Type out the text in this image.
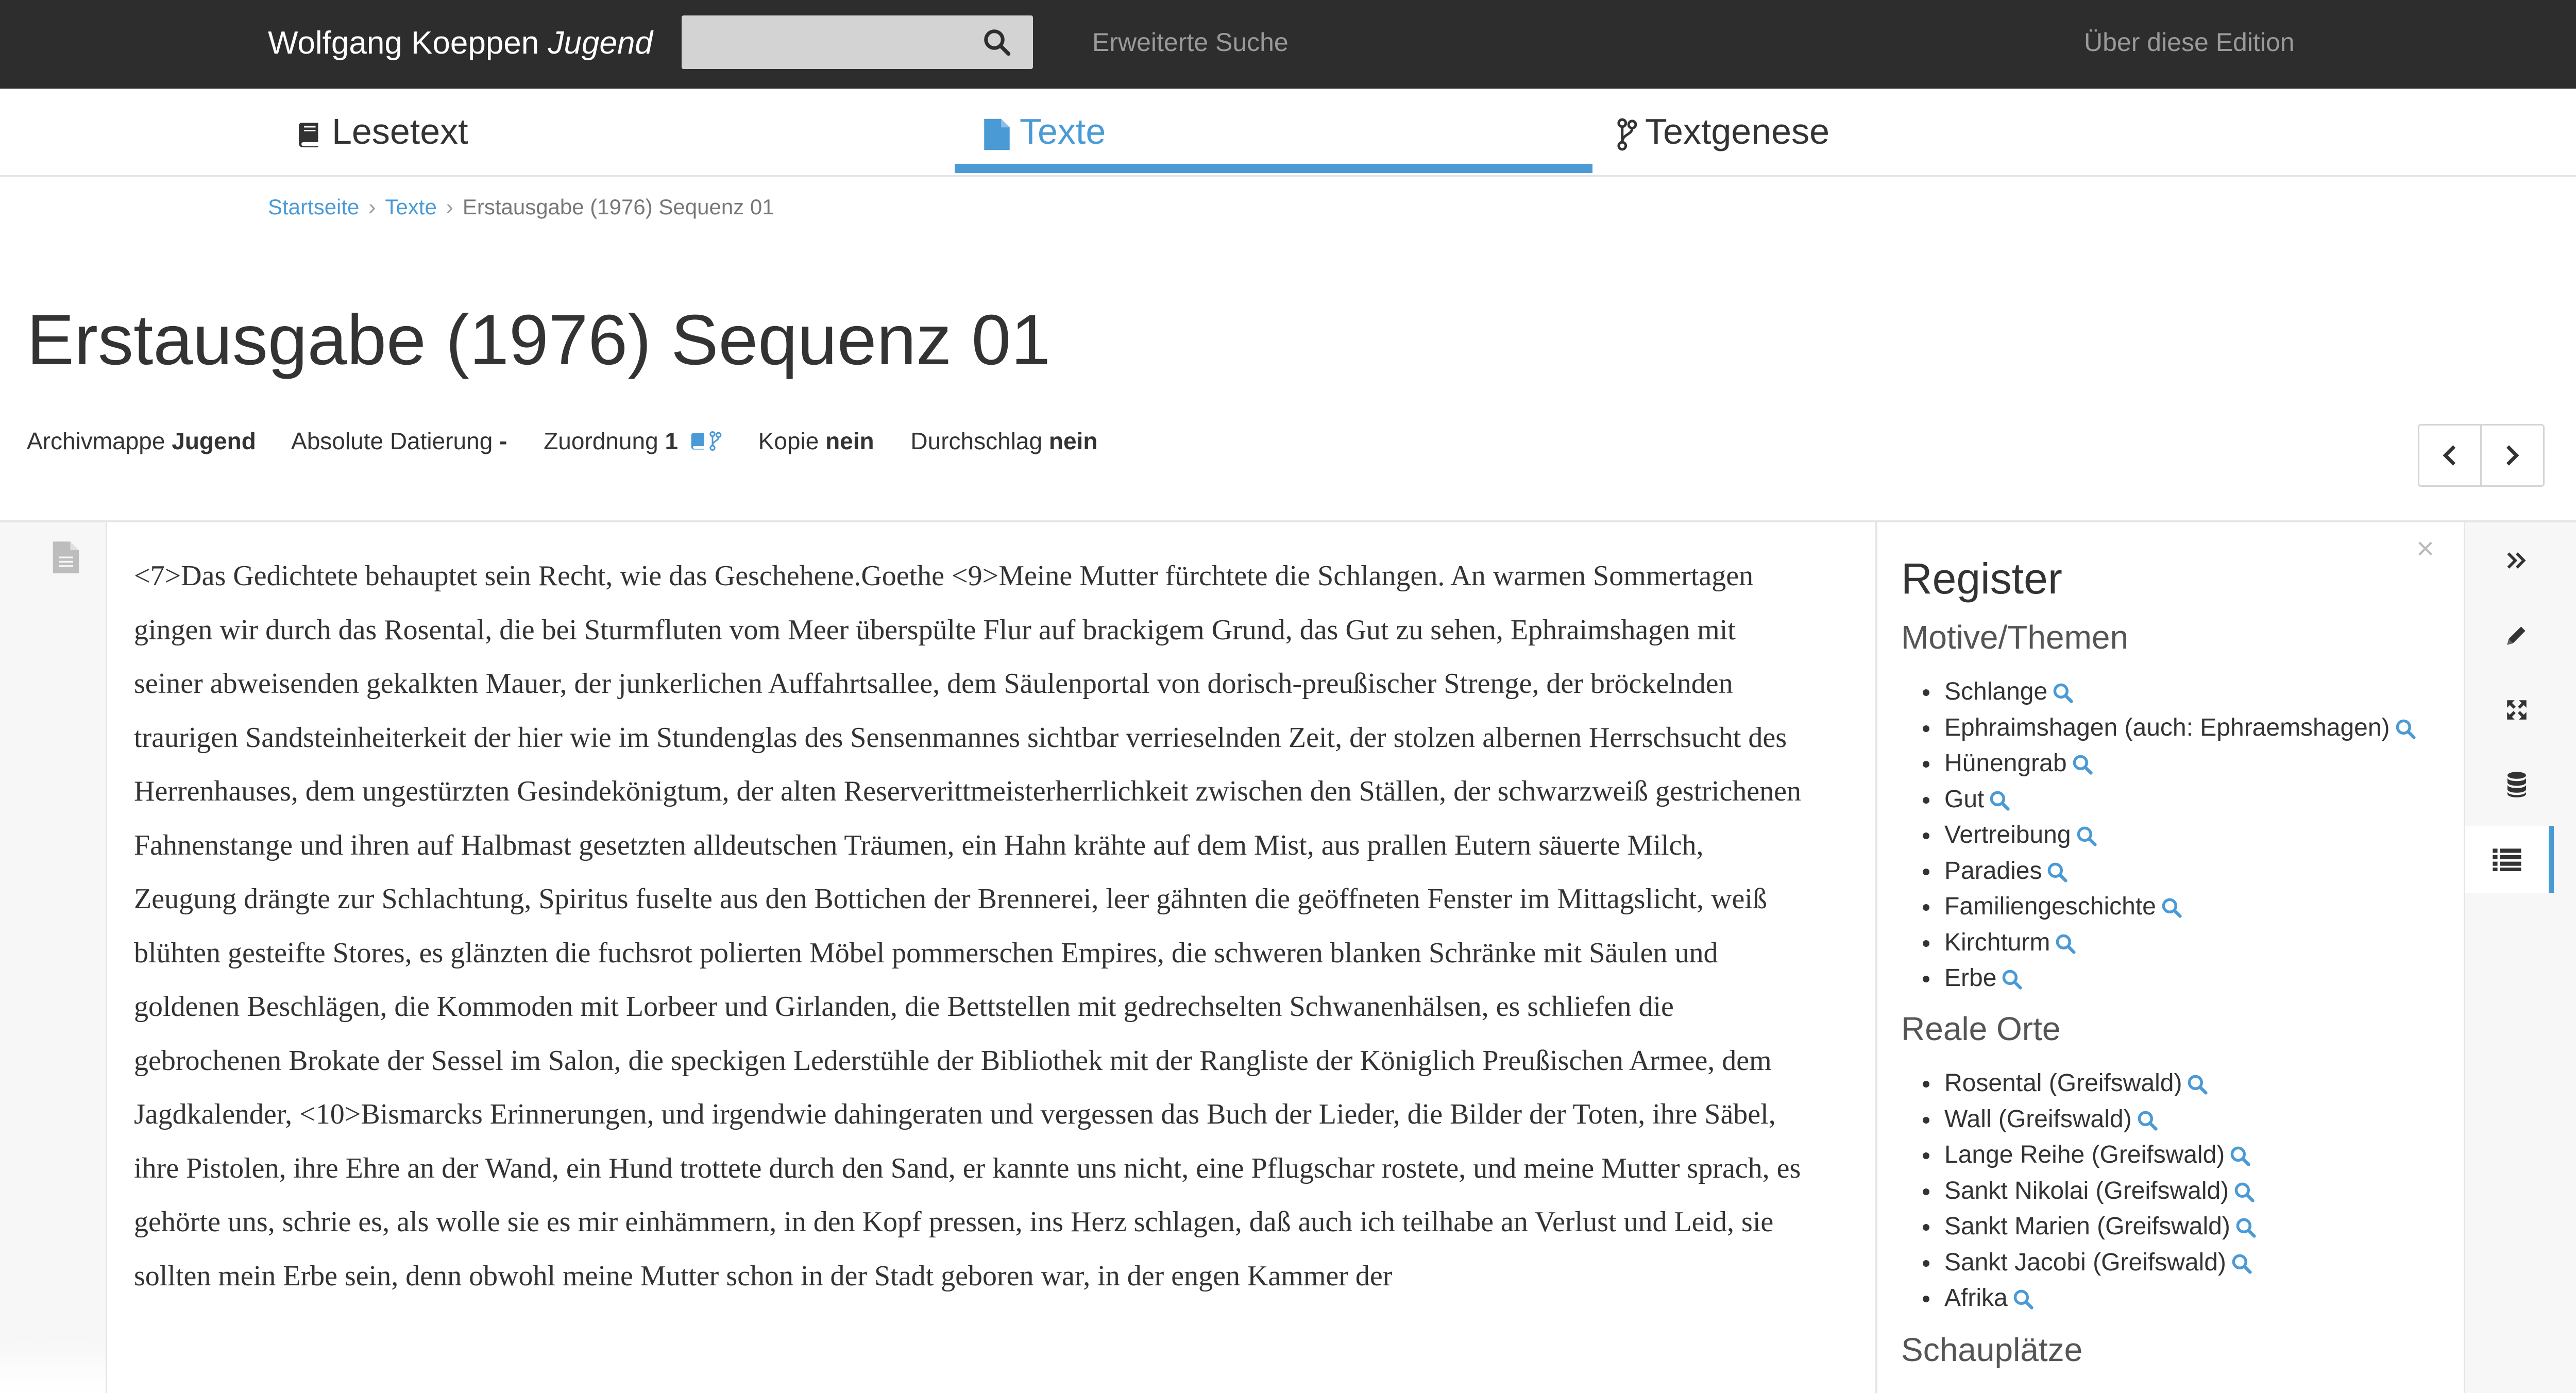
Wolfgang Koeppen Jugend	Erweiterte Suche	Über diese Edition
Lesetext	Texte	Textgenese
Startseite › Texte › Erstausgabe (1976) Sequenz 01
Erstausgabe (1976) Sequenz 01
Archivmappe Jugend Absolute Datierung - Zuordnung 1	Kopie nein Durchschlag nein
<7>Das Gedichtete behauptet sein Recht, wie das Geschehene.Goethe <9>Meine Mutter fürchtete die Schlangen. An warmen Sommertagen gingen wir durch das Rosental, die bei Sturmfluten vom Meer überspülte Flur auf brackigem Grund, das Gut zu sehen, Ephraimshagen mit seiner abweisenden gekalkten Mauer, der junkerlichen Auffahrtsallee, dem Säulenportal von dorisch-preußischer Strenge, der bröckelnden traurigen Sandsteinheiterkeit der hier wie im Stundenglas des Sensenmannes sichtbar verrieselnden Zeit, der stolzen albernen Herrschsucht des Herrenhauses, dem ungestürzten Gesindekönigtum, der alten Reserverittmeisterherrlichkeit zwischen den Ställen, der schwarzweiß gestrichenen Fahnenstange und ihren auf Halbmast gesetzten alldeutschen Träumen, ein Hahn krähte auf dem Mist, aus prallen Eutern säuerte Milch, Zeugung drängte zur Schlachtung, Spiritus fuselte aus den Bottichen der Brennerei, leer gähnten die geöffneten Fenster im Mittagslicht, weiß blühten gesteifte Stores, es glänzten die fuchsrot polierten Möbel pommerschen Empires, die schweren blanken Schränke mit Säulen und goldenen Beschlägen, die Kommoden mit Lorbeer und Girlanden, die Bettstellen mit gedrechselten Schwanenhälsen, es schliefen die gebrochenen Brokate der Sessel im Salon, die speckigen Lederstühle der Bibliothek mit der Rangliste der Königlich Preußischen Armee, dem Jagdkalender, <10>Bismarcks Erinnerungen, und irgendwie dahingeraten und vergessen das Buch der Lieder, die Bilder der Toten, ihre Säbel, ihre Pistolen, ihre Ehre an der Wand, ein Hund trottete durch den Sand, er kannte uns nicht, eine Pflugschar rostete, und meine Mutter sprach, es gehörte uns, schrie es, als wolle sie es mir einhämmern, in den Kopf pressen, ins Herz schlagen, daß auch ich teilhabe an Verlust und Leid, sie sollten mein Erbe sein, denn obwohl meine Mutter schon in der Stadt geboren war, in der engen Kammer der
×
Register
Motive/Themen
Schlange
Ephraimshagen (auch: Ephraemshagen)
Hünengrab
Gut
Vertreibung
Paradies
Familiengeschichte
Kirchturm
Erbe
Reale Orte
Rosental (Greifswald)
Wall (Greifswald)
Lange Reihe (Greifswald)
Sankt Nikolai (Greifswald)
Sankt Marien (Greifswald)
Sankt Jacobi (Greifswald)
Afrika
Schauplätze
